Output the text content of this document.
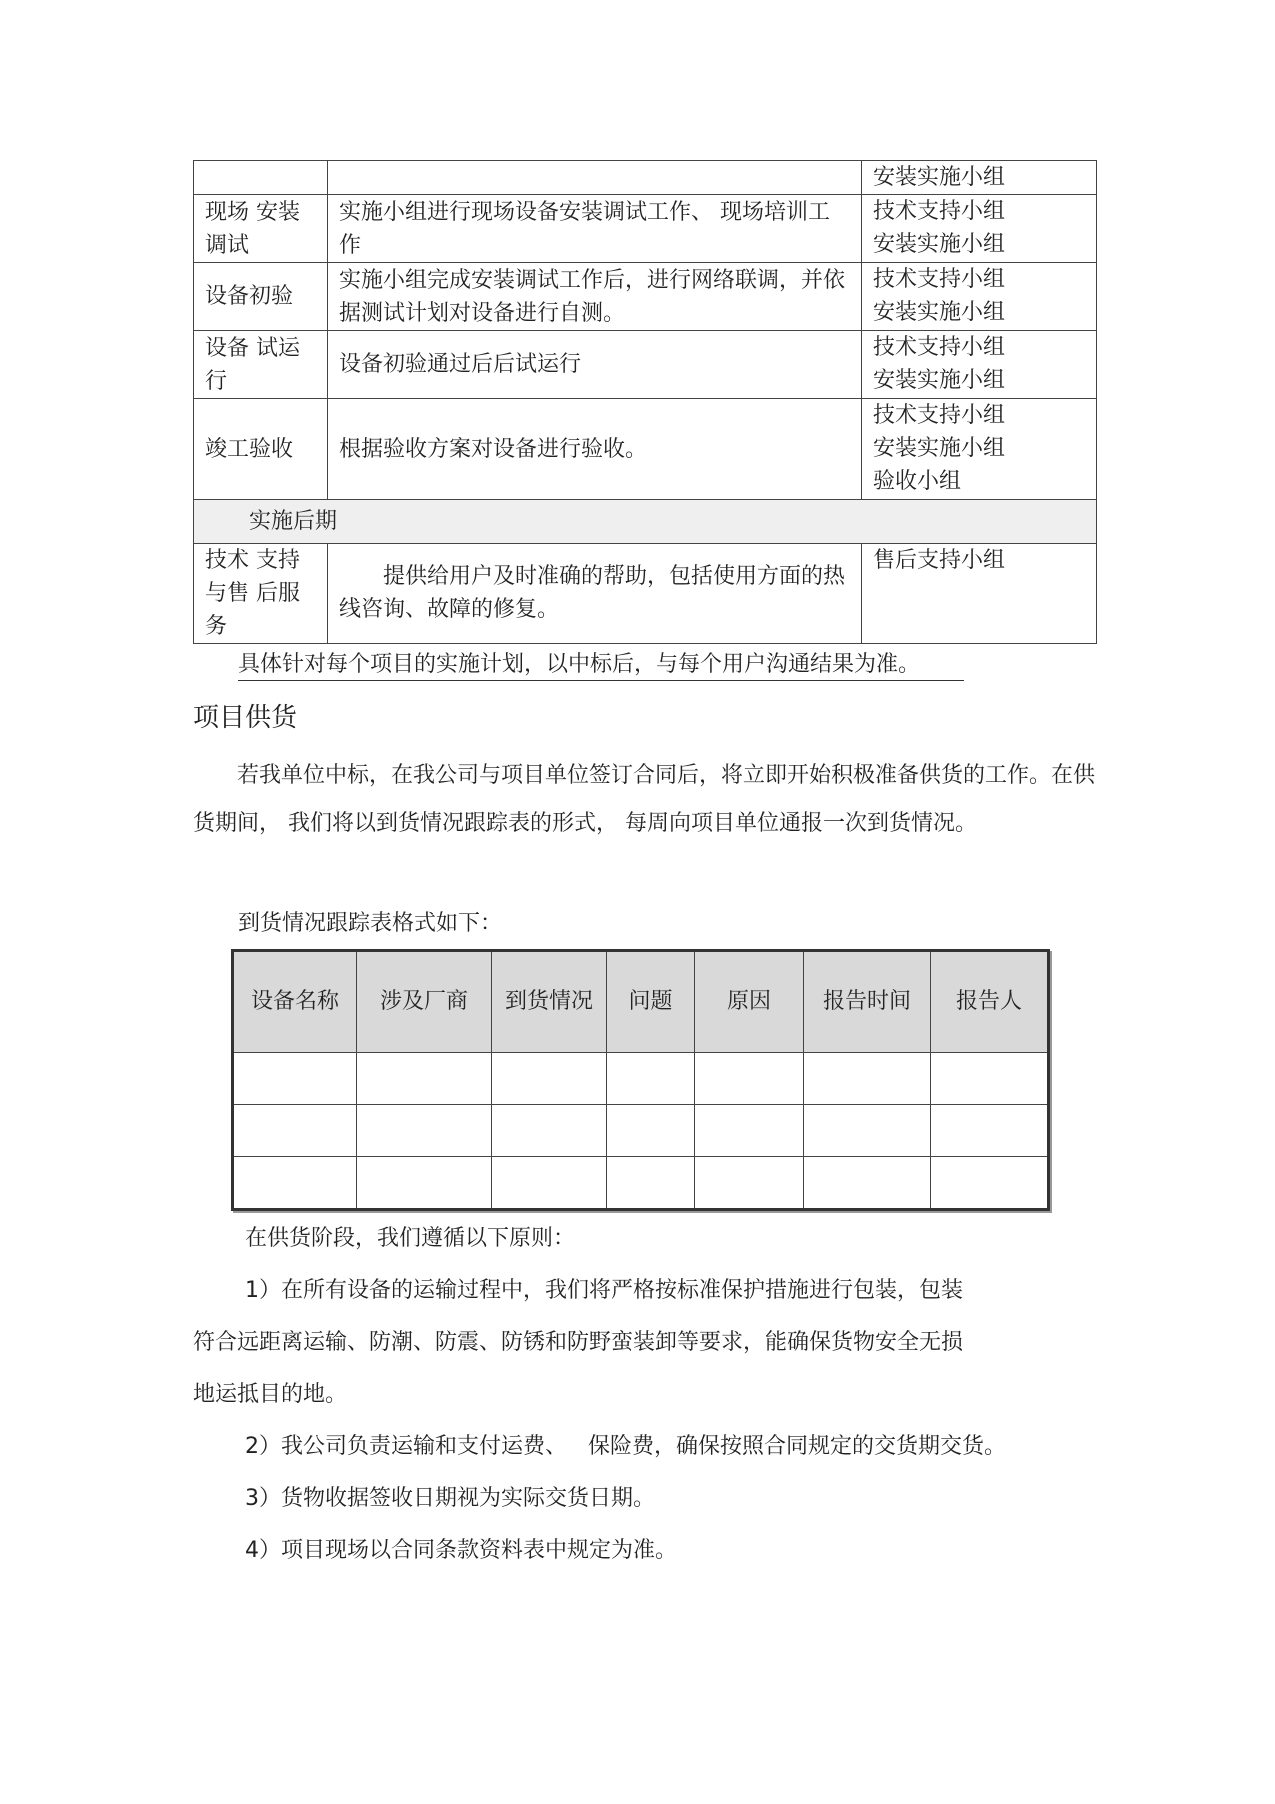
		安装实施小组

现场 安装调试	实施小组进行现场设备安装调试工作、 现场培训工作	技术支持小组
安装实施小组

设备初验	实施小组完成安装调试工作后，进行网络联调，并依据测试计划对设备进行自测。	技术支持小组
安装实施小组

设备 试运行	设备初验通过后后试运行	技术支持小组
安装实施小组

竣工验收	根据验收方案对设备进行验收。	技术支持小组
安装实施小组
验收小组

实施后期		
技术 支持与售 后服务	提供给用户及时准确的帮助，包括使用方面的热线咨询、故障的修复。	售后支持小组
具体针对每个项目的实施计划，以中标后，与每个用户沟通结果为准。
项目供货
若我单位中标，在我公司与项目单位签订合同后，将立即开始积极准备供货的工作。在供货期间， 我们将以到货情况跟踪表的形式， 每周向项目单位通报一次到货情况。
到货情况跟踪表格式如下：
设备名称	涉及厂商	到货情况	问题	原因	报告时间	报告人

在供货阶段，我们遵循以下原则：
1）在所有设备的运输过程中，我们将严格按标准保护措施进行包装，包装
符合远距离运输、防潮、防震、防锈和防野蛮装卸等要求，能确保货物安全无损
地运抵目的地。
2）我公司负责运输和支付运费、   保险费，确保按照合同规定的交货期交货。
3）货物收据签收日期视为实际交货日期。
4）项目现场以合同条款资料表中规定为准。
